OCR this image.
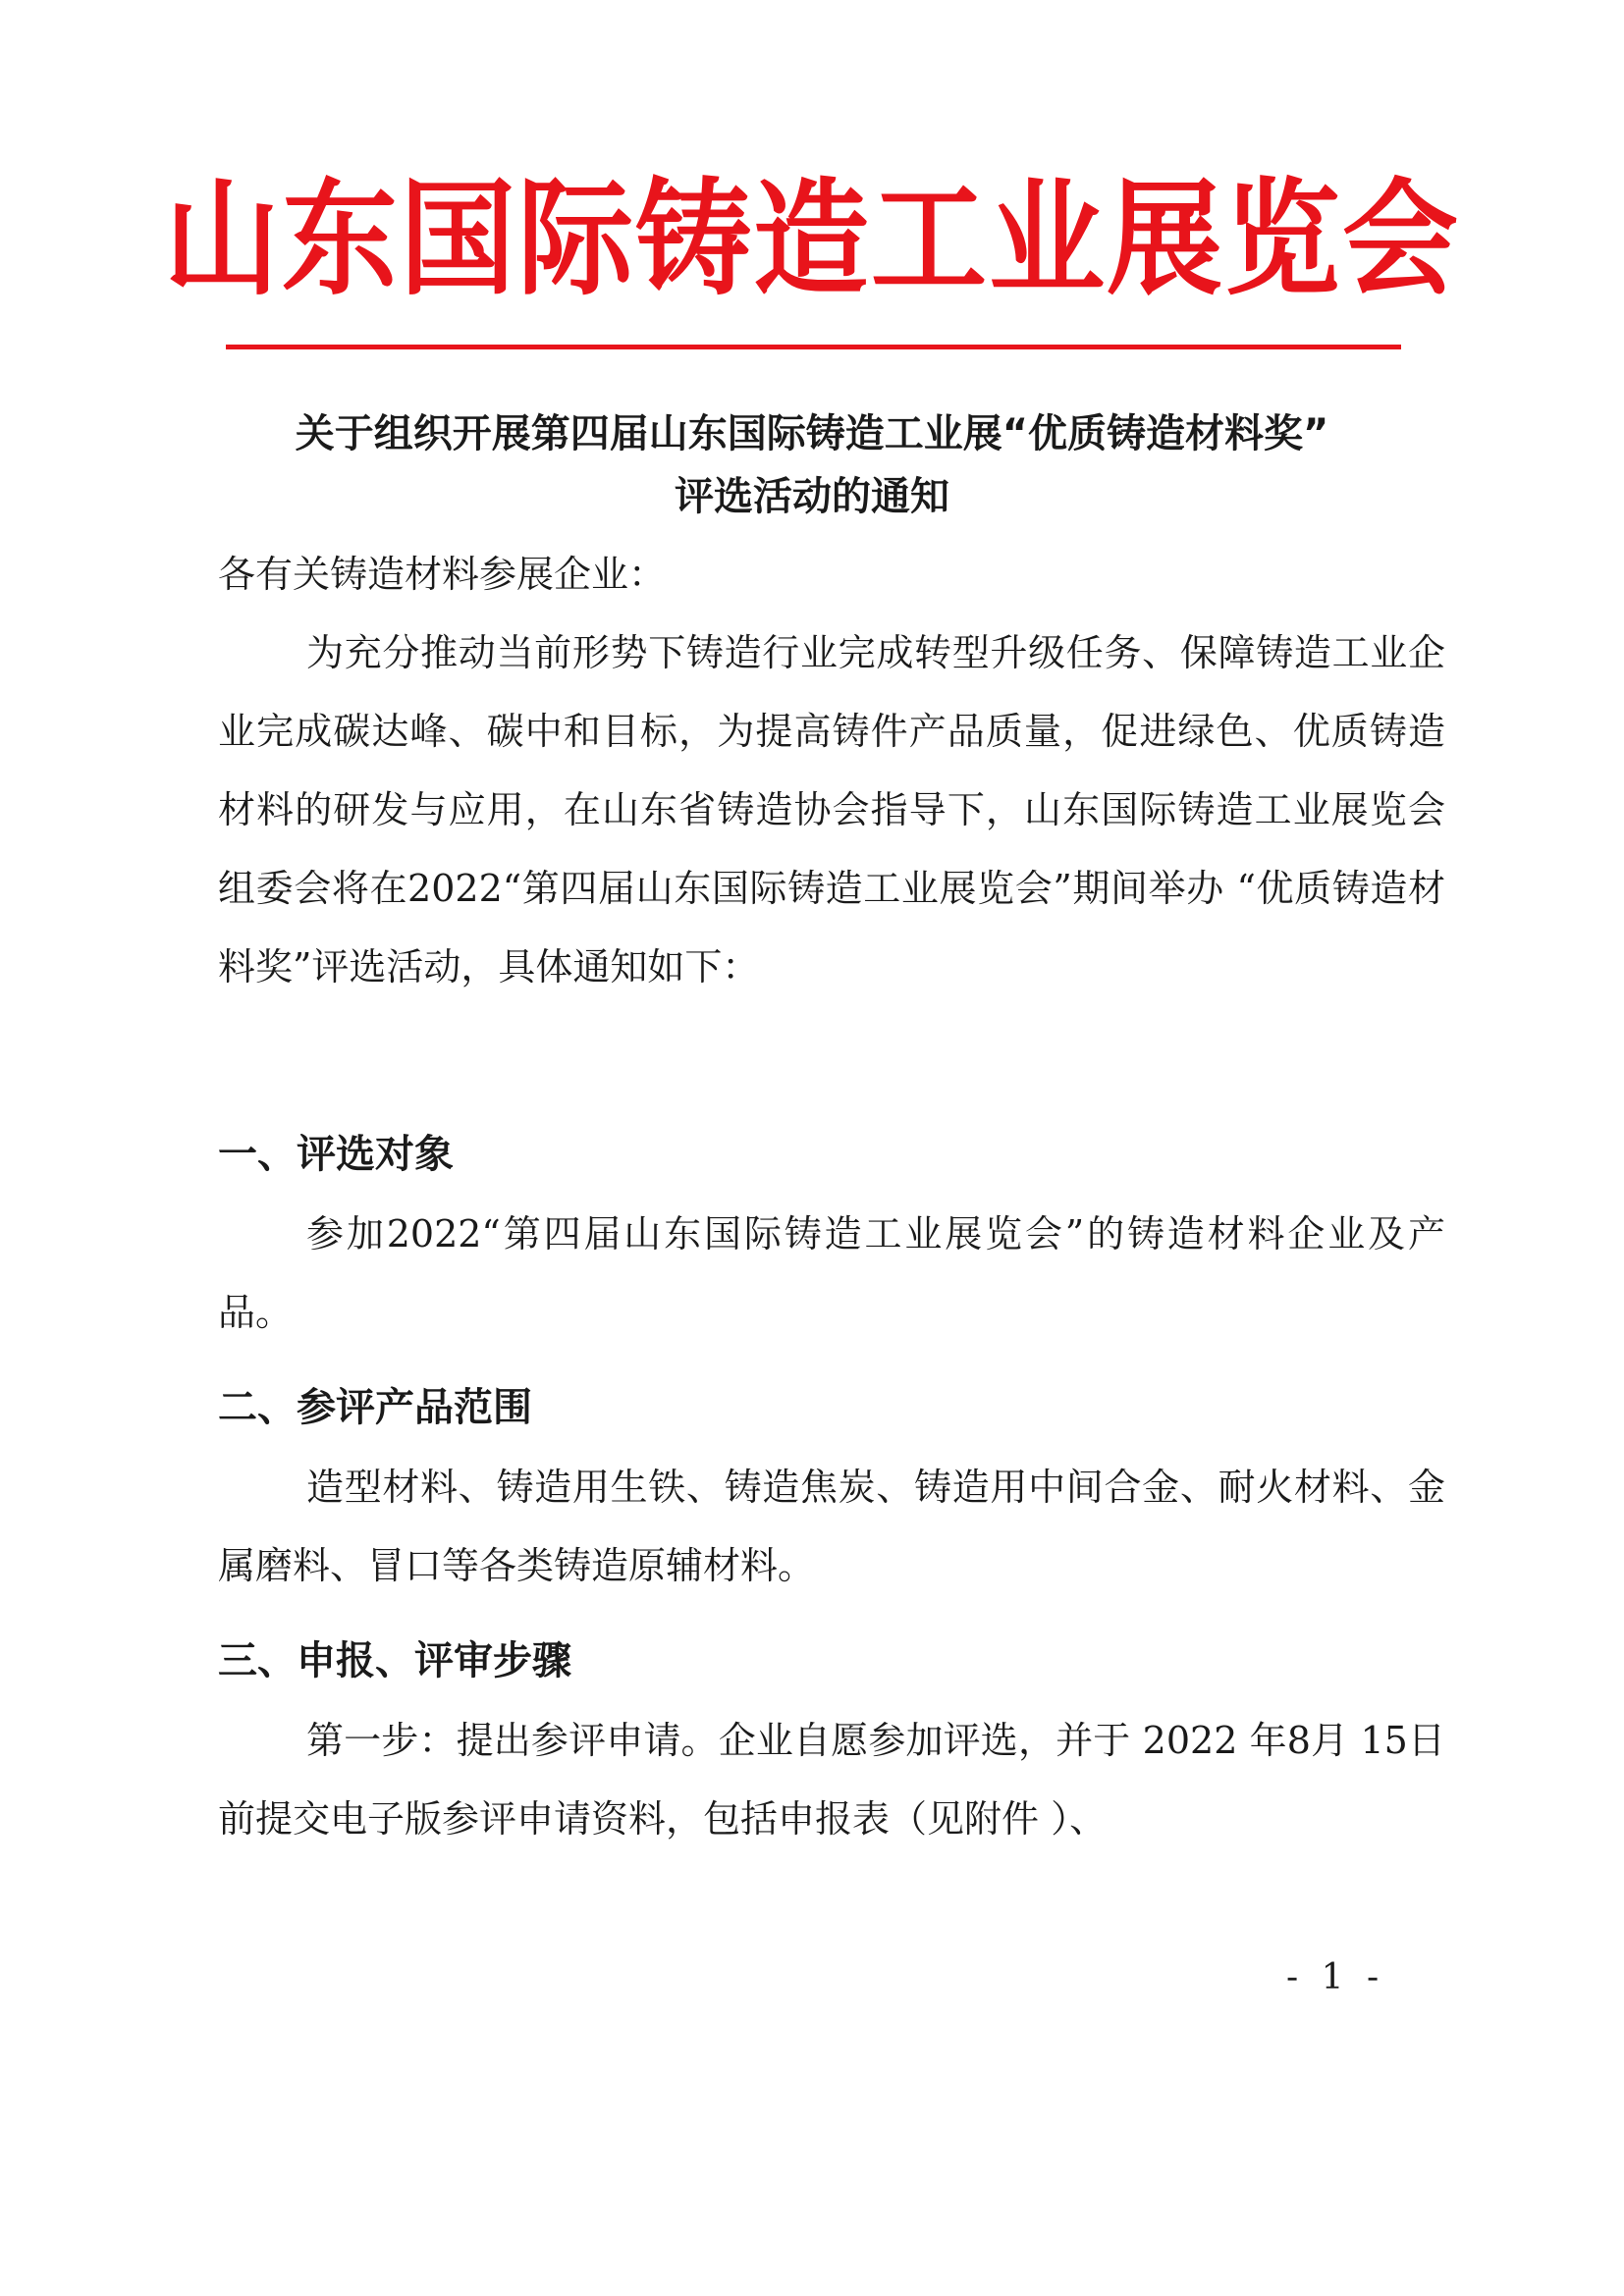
山东国际铸造工业展览会
关于组织开展第四届山东国际铸造工业展“优质铸造材料奖”
评选活动的通知

各有关铸造材料参展企业：

为充分推动当前形势下铸造行业完成转型升级任务、保障铸造工业企业完成碳达峰、碳中和目标，为提高铸件产品质量，促进绿色、优质铸造材料的研发与应用，在山东省铸造协会指导下，山东国际铸造工业展览会组委会将在2022“第四届山东国际铸造工业展览会”期间举办 “优质铸造材料奖”评选活动，具体通知如下：

一、评选对象

参加2022“第四届山东国际铸造工业展览会”的铸造材料企业及产品。

二、参评产品范围

造型材料、铸造用生铁、铸造焦炭、铸造用中间合金、耐火材料、金属磨料、冒口等各类铸造原辅材料。

三、申报、评审步骤

第一步：提出参评申请。企业自愿参加评选，并于 2022 年8月 15日前提交电子版参评申请资料，包括申报表（见附件 ）、

- 1 -
